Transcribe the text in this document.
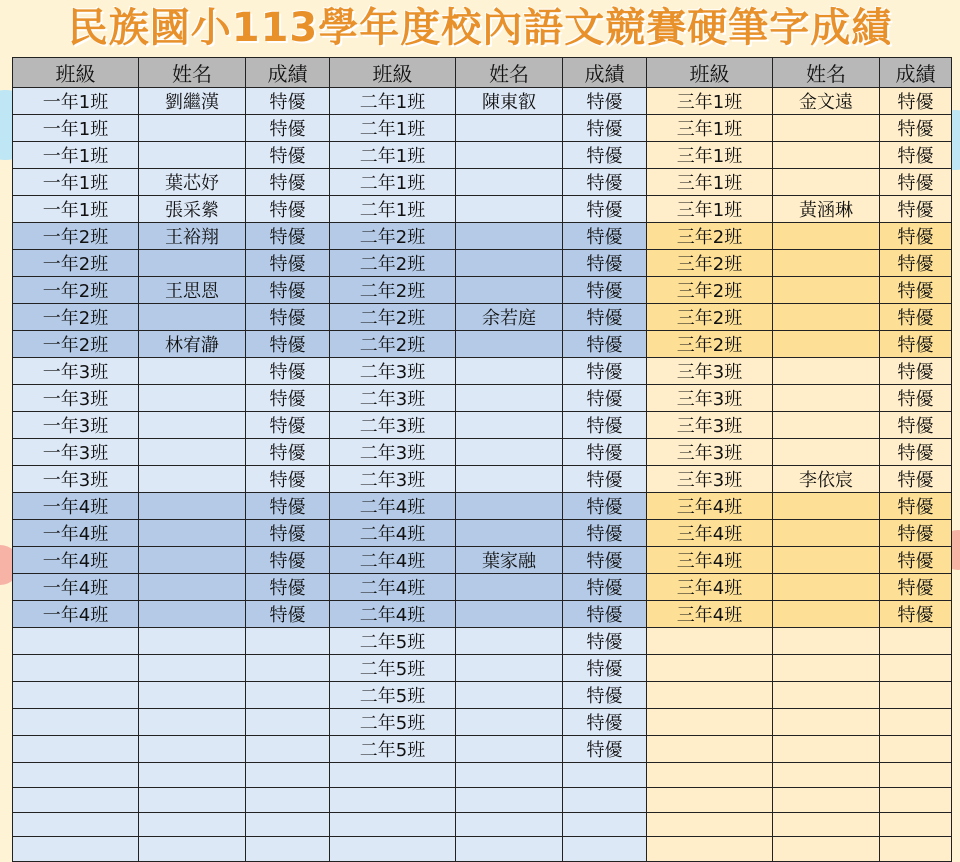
民族國小113學年度校內語文競賽硬筆字成績
班級	姓名	成績	班級	姓名	成績	班級	姓名	成績
一年1班	劉繼漢	特優	二年1班	陳東叡	特優	三年1班	金文遠	特優
一年1班		特優	二年1班		特優	三年1班		特優
一年1班		特優	二年1班		特優	三年1班		特優
一年1班	葉芯妤	特優	二年1班		特優	三年1班		特優
一年1班	張采縈	特優	二年1班		特優	三年1班	黃涵琳	特優
一年2班	王裕翔	特優	二年2班		特優	三年2班		特優
一年2班		特優	二年2班		特優	三年2班		特優
一年2班	王思恩	特優	二年2班		特優	三年2班		特優
一年2班		特優	二年2班	余若庭	特優	三年2班		特優
一年2班	林宥瀞	特優	二年2班		特優	三年2班		特優
一年3班		特優	二年3班		特優	三年3班		特優
一年3班		特優	二年3班		特優	三年3班		特優
一年3班		特優	二年3班		特優	三年3班		特優
一年3班		特優	二年3班		特優	三年3班		特優
一年3班		特優	二年3班		特優	三年3班	李依宸	特優
一年4班		特優	二年4班		特優	三年4班		特優
一年4班		特優	二年4班		特優	三年4班		特優
一年4班		特優	二年4班	葉家融	特優	三年4班		特優
一年4班		特優	二年4班		特優	三年4班		特優
一年4班		特優	二年4班		特優	三年4班		特優
			二年5班		特優			
			二年5班		特優			
			二年5班		特優			
			二年5班		特優			
			二年5班		特優			
